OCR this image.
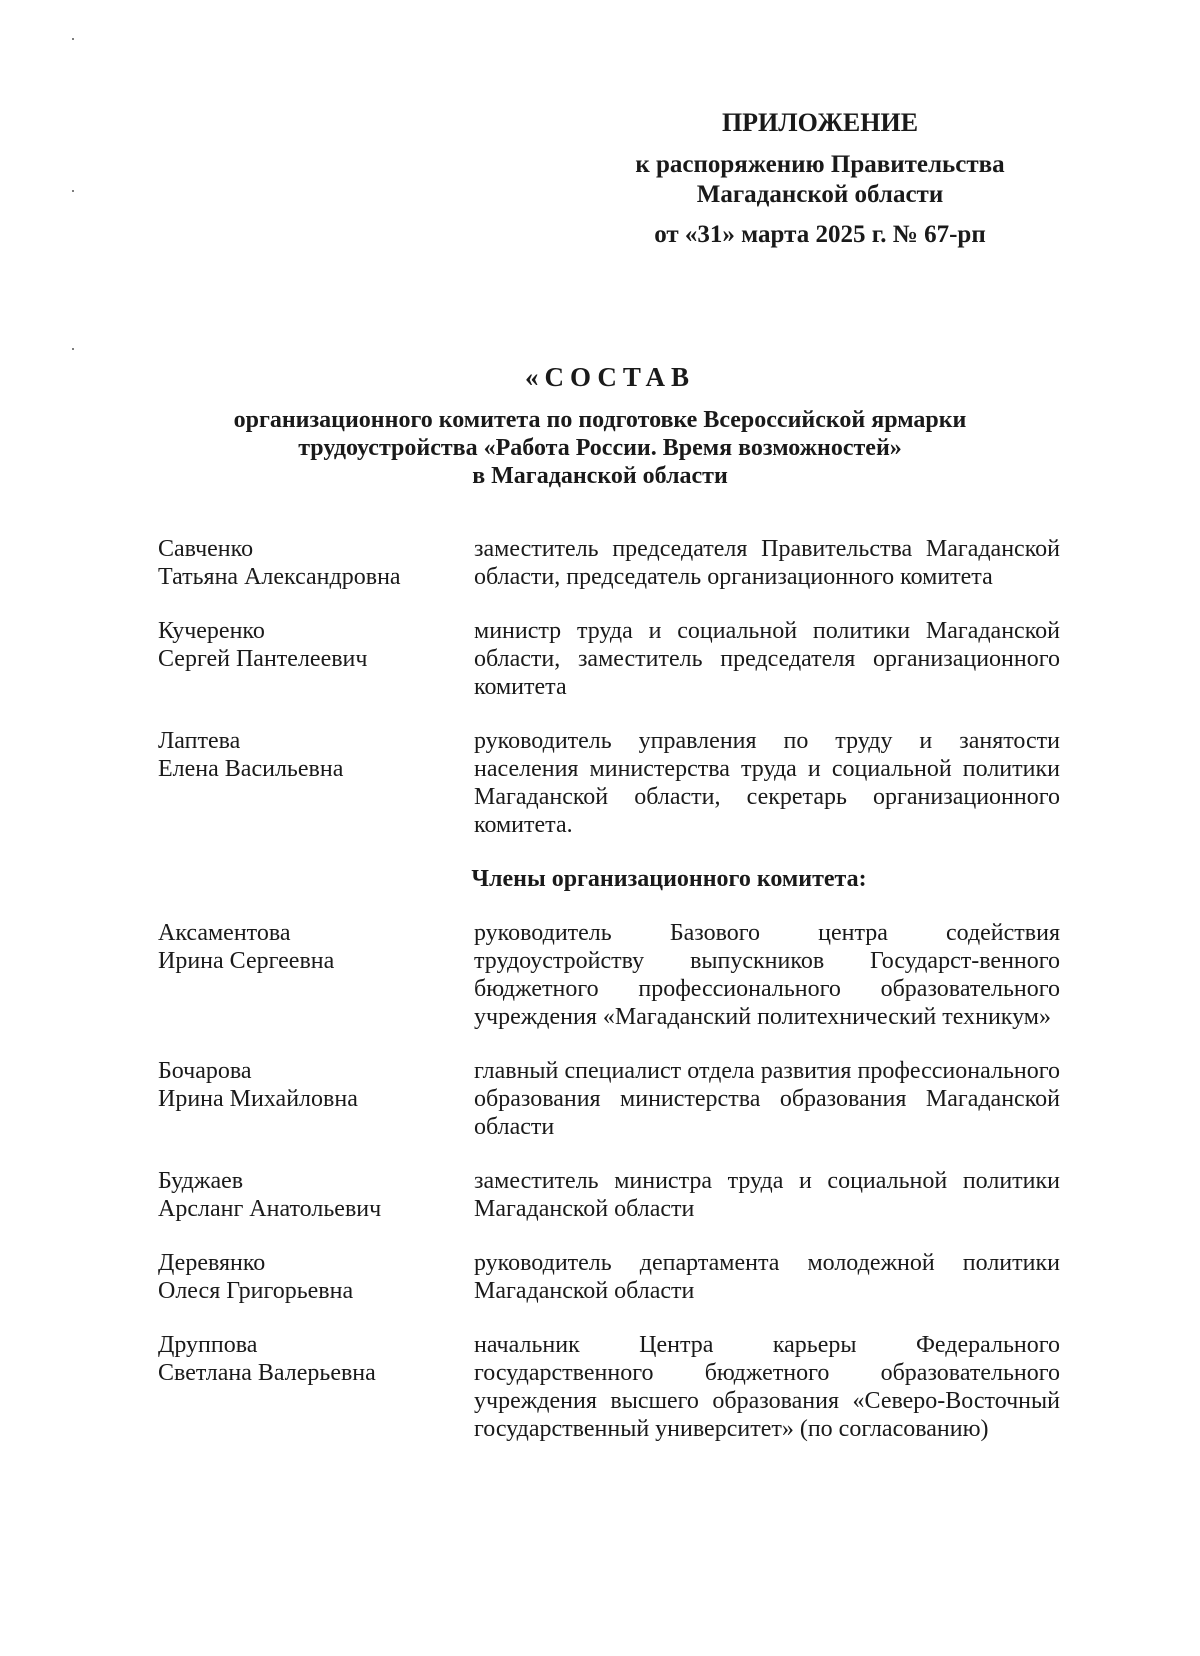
ПРИЛОЖЕНИЕ
к распоряжению Правительства
Магаданской области
от «31» марта 2025 г. № 67-рп
«СОСТАВ
организационного комитета по подготовке Всероссийской ярмарки
трудоустройства «Работа России. Время возможностей»
в Магаданской области
Савченко
Татьяна Александровна
заместитель председателя Правительства Магаданской области, председатель организационного комитета
Кучеренко
Сергей Пантелеевич
министр труда и социальной политики Магаданской области, заместитель председателя организационного комитета
Лаптева
Елена Васильевна
руководитель управления по труду и занятости населения министерства труда и социальной политики Магаданской области, секретарь организационного комитета.
Члены организационного комитета:
Аксаментова
Ирина Сергеевна
руководитель Базового центра содействия трудоустройству выпускников Государст-венного бюджетного профессионального образовательного учреждения «Магаданский политехнический техникум»
Бочарова
Ирина Михайловна
главный специалист отдела развития профессионального образования министерства образования Магаданской области
Буджаев
Арсланг Анатольевич
заместитель министра труда и социальной политики Магаданской области
Деревянко
Олеся Григорьевна
руководитель департамента молодежной политики Магаданской области
Друппова
Светлана Валерьевна
начальник Центра карьеры Федерального государственного бюджетного образовательного учреждения высшего образования «Северо-Восточный государственный университет» (по согласованию)
